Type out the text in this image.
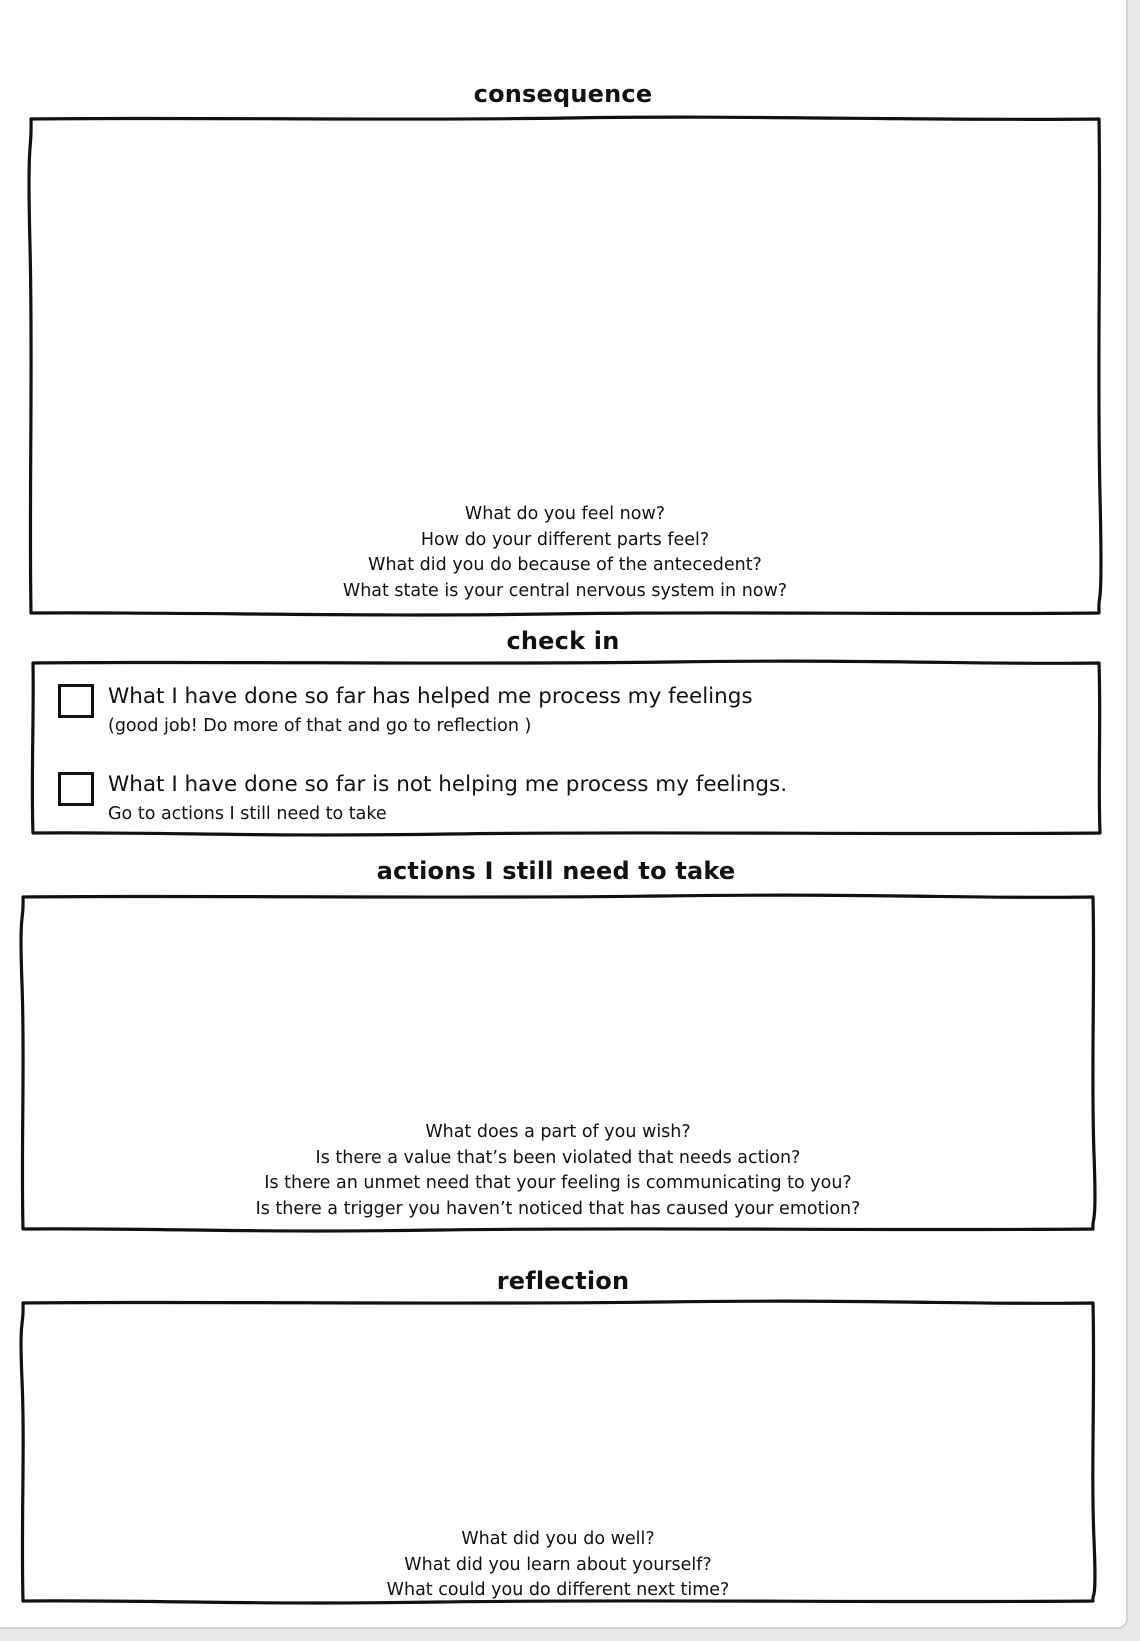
consequence
What do you feel now?
How do your different parts feel?
What did you do because of the antecedent?
What state is your central nervous system in now?
check in
What I have done so far has helped me process my feelings
(good job! Do more of that and go to reflection )
What I have done so far is not helping me process my feelings.
Go to actions I still need to take
actions I still need to take
What does a part of you wish?
Is there a value that’s been violated that needs action?
Is there an unmet need that your feeling is communicating to you?
Is there a trigger you haven’t noticed that has caused your emotion?
reflection
What did you do well?
What did you learn about yourself?
What could you do different next time?
